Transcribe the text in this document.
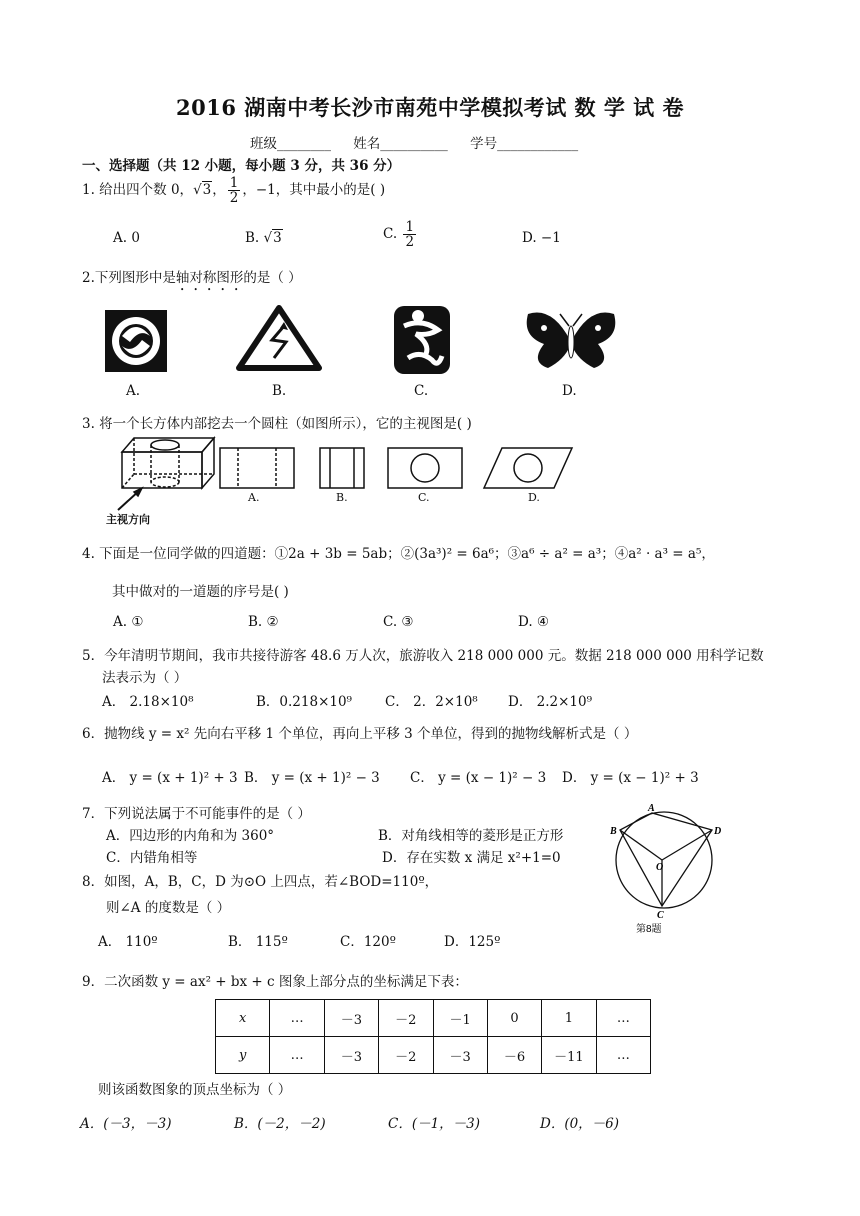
2016 湖南中考长沙市南苑中学模拟考试 数 学 试 卷
班级________ 姓名__________ 学号____________
一、选择题（共 12 小题，每小题 3 分，共 36 分）
1. 给出四个数 0，√3， $\frac{1}{2}$ ，−1，其中最小的是( )
A. 0	B. √3	C. $\frac{1}{2}$	D. −1
2.下列图形中是轴对称图形的是（ ）
A.	B.	C.	D.
3. 将一个长方体内部挖去一个圆柱（如图所示），它的主视图是( )
主视方向
A.	B.	C.	D.
4. 下面是一位同学做的四道题：①2a + 3b = 5ab；②(3a³)² = 6a⁶；③a⁶ ÷ a² = a³；④a² · a³ = a⁵，
其中做对的一道题的序号是( )
A. ①	B. ②	C. ③	D. ④
5．今年清明节期间，我市共接待游客 48.6 万人次，旅游收入 218 000 000 元。数据 218 000 000 用科学记数
法表示为（ ）
A． 2.18×10⁸	B．0.218×10⁹ C． 2．2×10⁸ D． 2.2×10⁹
6．抛物线 y = x² 先向右平移 1 个单位，再向上平移 3 个单位，得到的抛物线解析式是（ ）
A． y = (x + 1)² + 3 B． y = (x + 1)² − 3 C． y = (x − 1)² − 3 D． y = (x − 1)² + 3
7．下列说法属于不可能事件的是（ ）
A．四边形的内角和为 360°	B．对角线相等的菱形是正方形
C．内错角相等	D．存在实数 x 满足 x²+1=0
8．如图，A，B，C，D 为⊙O 上四点，若∠BOD=110º，
则∠A 的度数是（ ）
A． 110º	B． 115º	C．120º	D．125º
A
B
C
D
O
第8题
9．二次函数 y = ax² + bx + c 图象上部分点的坐标满足下表：
x	…	－3	－2	－1	0	1	…
y	…	－3	－2	－3	－6	－11	…
则该函数图象的顶点坐标为（ ）
A．(－3，－3)	B．(－2，－2)	C．(－1，－3)	D．(0，－6)
